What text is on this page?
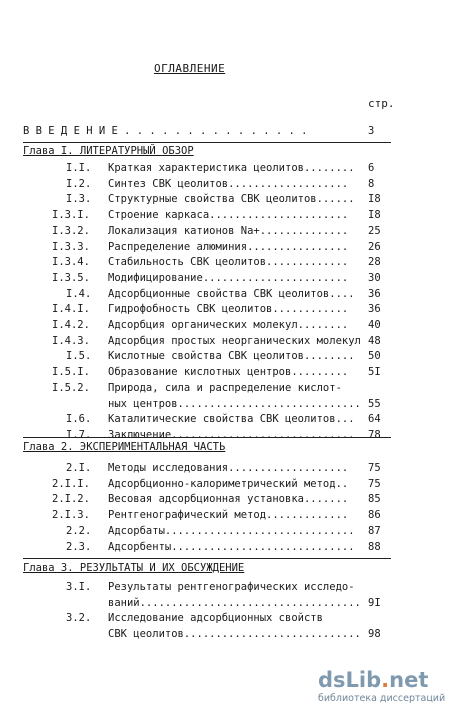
ОГЛАВЛЕНИЕ
стр.
В В Е Д Е Н И Е . . . . . . . . . . . . . . .	3
Глава I. ЛИТЕРАТУРНЫЙ ОБЗОР
I.I. Краткая характеристика цеолитов........	6
I.2. Синтез СВК цеолитов...................	8
I.3. Структурные свойства СВК цеолитов......	I8
I.3.I. Строение каркаса......................	I8
I.3.2. Локализация катионов Na+..............	25
I.3.3. Распределение алюминия................	26
I.3.4. Стабильность СВК цеолитов.............	28
I.3.5. Модифицирование.......................	30
I.4. Адсорбционные свойства СВК цеолитов....	36
I.4.I. Гидрофобность СВК цеолитов............	36
I.4.2. Адсорбция органических молекул........	40
I.4.3. Адсорбция простых неорганических молекул 48
I.5. Кислотные свойства СВК цеолитов........	50
I.5.I. Образование кислотных центров.........	5I
I.5.2. Природа, сила и распределение кислот-
ных центров............................. 55
I.6. Каталитические свойства СВК цеолитов...	64
I.7. Заключение.............................	78
Глава 2. ЭКСПЕРИМЕНТАЛЬНАЯ ЧАСТЬ
2.I. Методы исследования...................	75
2.I.I. Адсорбционно-калориметрический метод..	75
2.I.2. Весовая адсорбционная установка.......	85
2.I.3. Рентгенографический метод.............	86
2.2. Адсорбаты..............................	87
2.3. Адсорбенты.............................	88
Глава 3. РЕЗУЛЬТАТЫ И ИХ ОБСУЖДЕНИЕ
3.I. Результаты рентгенографических исследо-
ваний................................... 9I
3.2. Исследование адсорбционных свойств
СВК цеолитов............................ 98
dsLib.net
библиотека диссертаций
